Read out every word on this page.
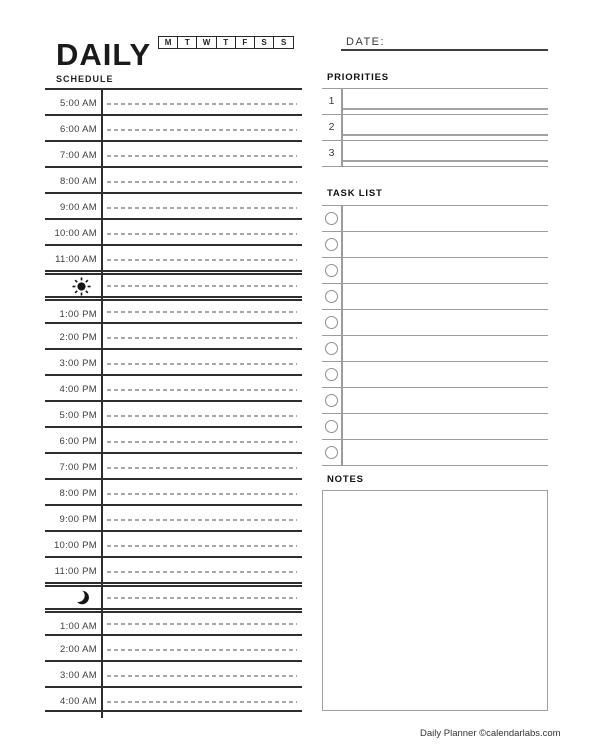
DAILY M T W T F S S
SCHEDULE
5:00 AM
6:00 AM
7:00 AM
8:00 AM
9:00 AM
10:00 AM
11:00 AM
1:00 PM
2:00 PM
3:00 PM
4:00 PM
5:00 PM
6:00 PM
7:00 PM
8:00 PM
9:00 PM
10:00 PM
11:00 PM
1:00 AM
2:00 AM
3:00 AM
4:00 AM
DATE:
PRIORITIES
1
2
3
TASK LIST
NOTES
Daily Planner ©calendarlabs.com
